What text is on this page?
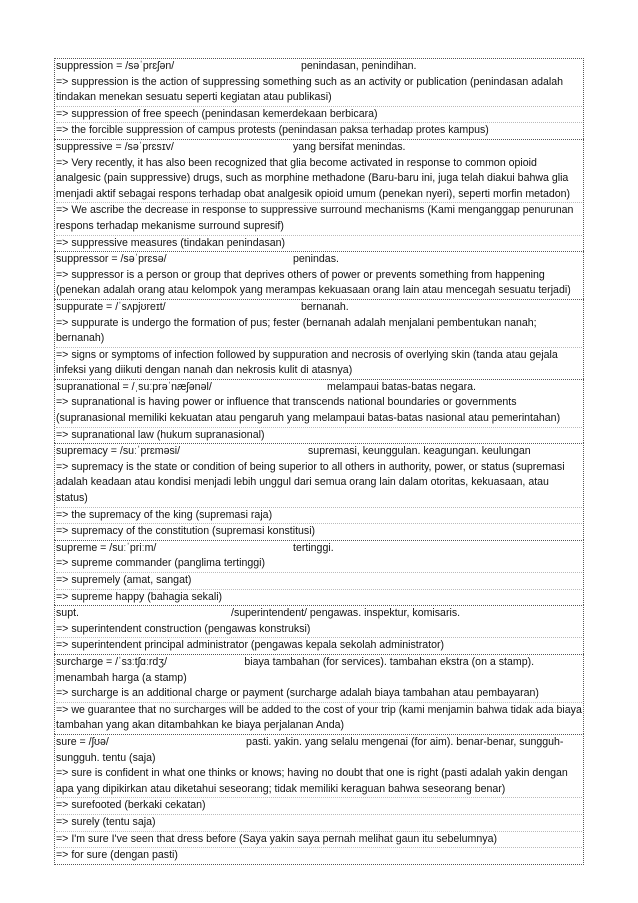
suppression = /səˈprɛʃən/	penindasan, penindihan.
=> suppression is the action of suppressing something such as an activity or publication (penindasan adalah tindakan menekan sesuatu seperti kegiatan atau publikasi)
=> suppression of free speech (penindasan kemerdekaan berbicara)
=> the forcible suppression of campus protests (penindasan paksa terhadap protes kampus)
suppressive = /səˈprɛsɪv/	yang bersifat menindas.
=> Very recently, it has also been recognized that glia become activated in response to common opioid analgesic (pain suppressive) drugs, such as morphine methadone (Baru-baru ini, juga telah diakui bahwa glia menjadi aktif sebagai respons terhadap obat analgesik opioid umum (penekan nyeri), seperti morfin metadon)
=> We ascribe the decrease in response to suppressive surround mechanisms (Kami menganggap penurunan respons terhadap mekanisme surround supresif)
=> suppressive measures (tindakan penindasan)
suppressor = /səˈprɛsə/	penindas.
=> suppressor is a person or group that deprives others of power or prevents something from happening (penekan adalah orang atau kelompok yang merampas kekuasaan orang lain atau mencegah sesuatu terjadi)
suppurate = /ˈsʌpjʊreɪt/	bernanah.
=> suppurate is undergo the formation of pus; fester (bernanah adalah menjalani pembentukan nanah; bernanah)
=> signs or symptoms of infection followed by suppuration and necrosis of overlying skin (tanda atau gejala infeksi yang diikuti dengan nanah dan nekrosis kulit di atasnya)
supranational = /ˌsuːprəˈnæʃənəl/	melampaui batas-batas negara.
=> supranational is having power or influence that transcends national boundaries or governments (supranasional memiliki kekuatan atau pengaruh yang melampaui batas-batas nasional atau pemerintahan)
=> supranational law (hukum supranasional)
supremacy = /suːˈprɛməsi/	supremasi, keunggulan. keagungan. keulungan
=> supremacy is the state or condition of being superior to all others in authority, power, or status (supremasi adalah keadaan atau kondisi menjadi lebih unggul dari semua orang lain dalam otoritas, kekuasaan, atau status)
=> the supremacy of the king (supremasi raja)
=> supremacy of the constitution (supremasi konstitusi)
supreme = /suːˈpriːm/	tertinggi.
=> supreme commander (panglima tertinggi)
=> supremely (amat, sangat)
=> supreme happy (bahagia sekali)
supt.	/superintendent/ pengawas. inspektur, komisaris.
=> superintendent construction (pengawas konstruksi)
=> superintendent principal administrator (pengawas kepala sekolah administrator)
surcharge = /ˈsɜːtʃɑːrdʒ/	biaya tambahan (for services). tambahan ekstra (on a stamp). menambah harga (a stamp)
=> surcharge is an additional charge or payment (surcharge adalah biaya tambahan atau pembayaran)
=> we guarantee that no surcharges will be added to the cost of your trip (kami menjamin bahwa tidak ada biaya tambahan yang akan ditambahkan ke biaya perjalanan Anda)
sure = /ʃʊə/	pasti. yakin. yang selalu mengenai (for aim). benar-benar, sungguh-sungguh. tentu (saja)
=> sure is confident in what one thinks or knows; having no doubt that one is right (pasti adalah yakin dengan apa yang dipikirkan atau diketahui seseorang; tidak memiliki keraguan bahwa seseorang benar)
=> surefooted (berkaki cekatan)
=> surely (tentu saja)
=> I'm sure I've seen that dress before (Saya yakin saya pernah melihat gaun itu sebelumnya)
=> for sure (dengan pasti)
